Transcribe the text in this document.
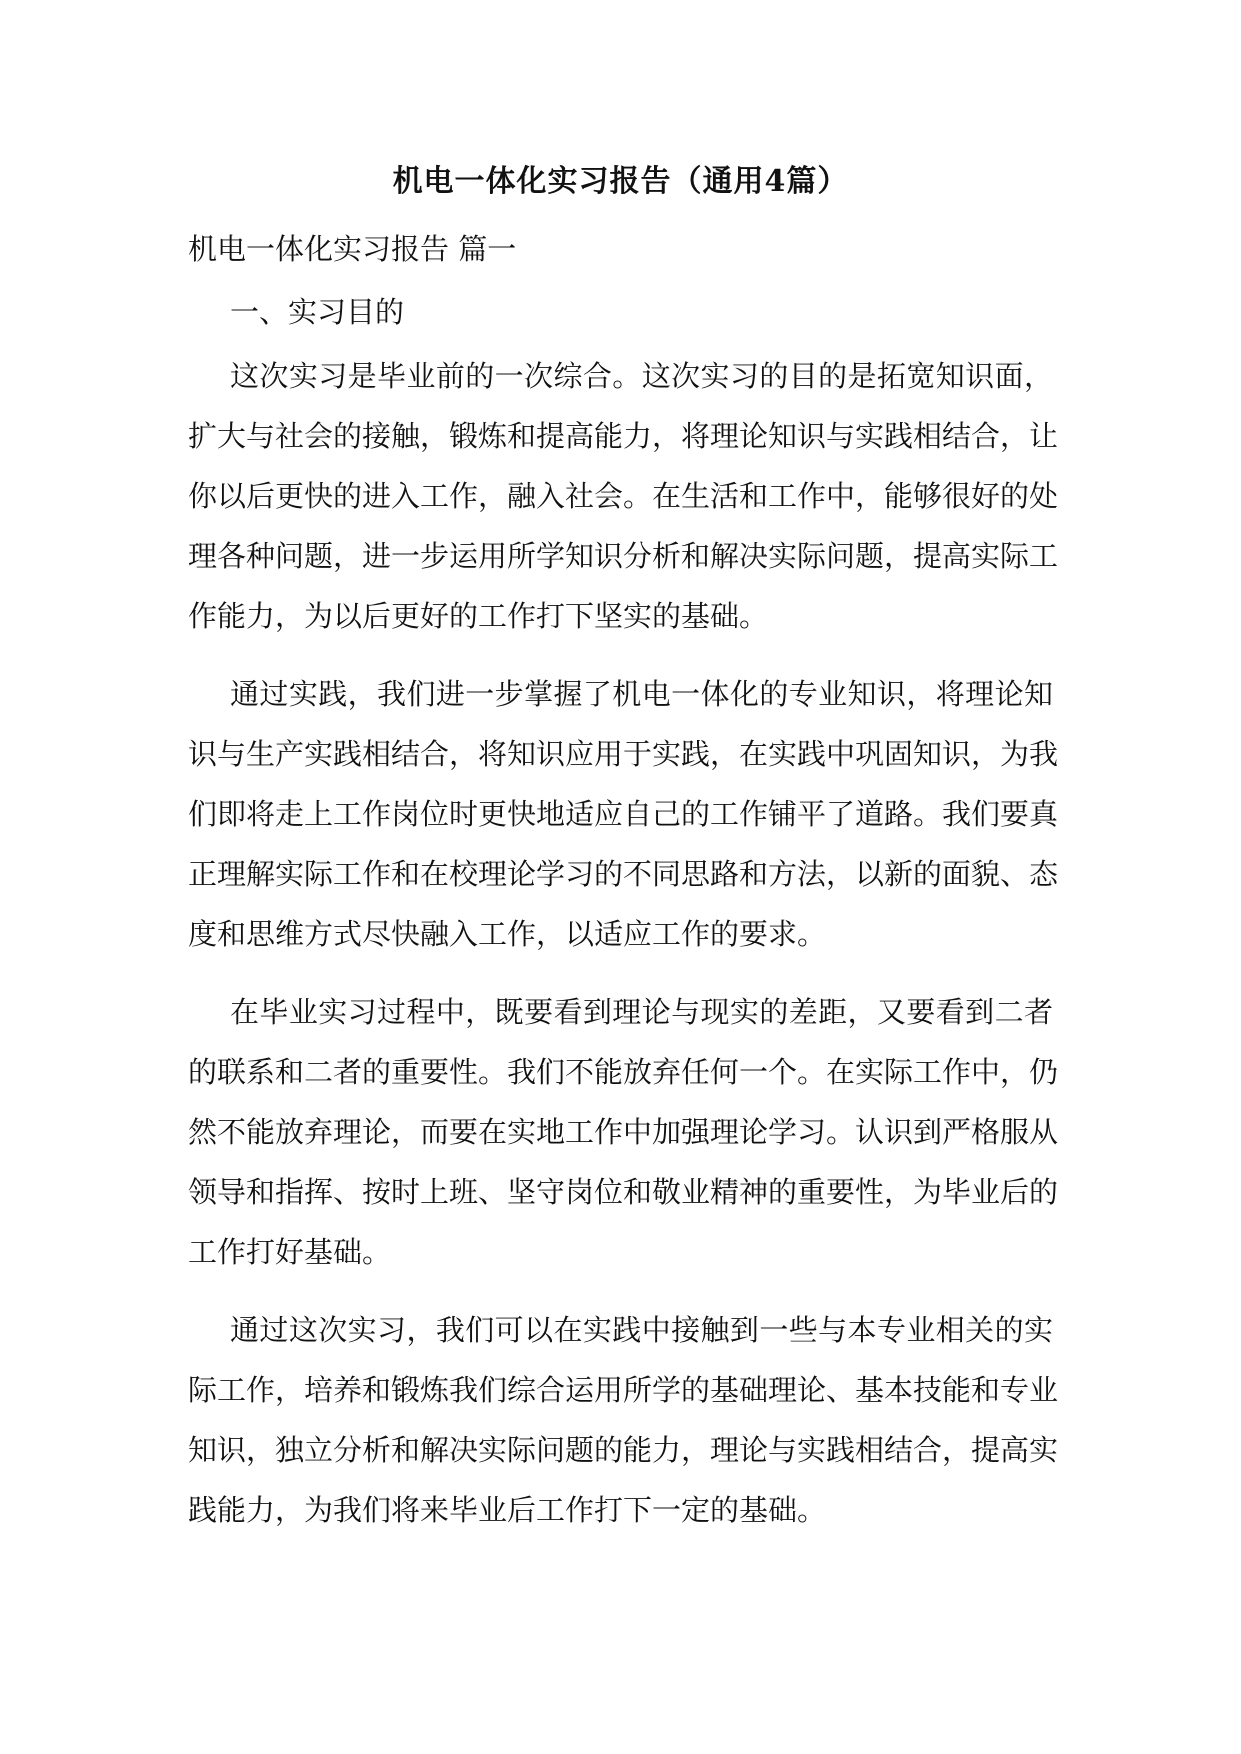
机电一体化实习报告（通用4篇）
机电一体化实习报告 篇一
一、实习目的
这次实习是毕业前的一次综合。这次实习的目的是拓宽知识面，
扩大与社会的接触，锻炼和提高能力，将理论知识与实践相结合，让
你以后更快的进入工作，融入社会。在生活和工作中，能够很好的处
理各种问题，进一步运用所学知识分析和解决实际问题，提高实际工
作能力，为以后更好的工作打下坚实的基础。
通过实践，我们进一步掌握了机电一体化的专业知识，将理论知
识与生产实践相结合，将知识应用于实践，在实践中巩固知识，为我
们即将走上工作岗位时更快地适应自己的工作铺平了道路。我们要真
正理解实际工作和在校理论学习的不同思路和方法，以新的面貌、态
度和思维方式尽快融入工作，以适应工作的要求。
在毕业实习过程中，既要看到理论与现实的差距，又要看到二者
的联系和二者的重要性。我们不能放弃任何一个。在实际工作中，仍
然不能放弃理论，而要在实地工作中加强理论学习。认识到严格服从
领导和指挥、按时上班、坚守岗位和敬业精神的重要性，为毕业后的
工作打好基础。
通过这次实习，我们可以在实践中接触到一些与本专业相关的实
际工作，培养和锻炼我们综合运用所学的基础理论、基本技能和专业
知识，独立分析和解决实际问题的能力，理论与实践相结合，提高实
践能力，为我们将来毕业后工作打下一定的基础。
